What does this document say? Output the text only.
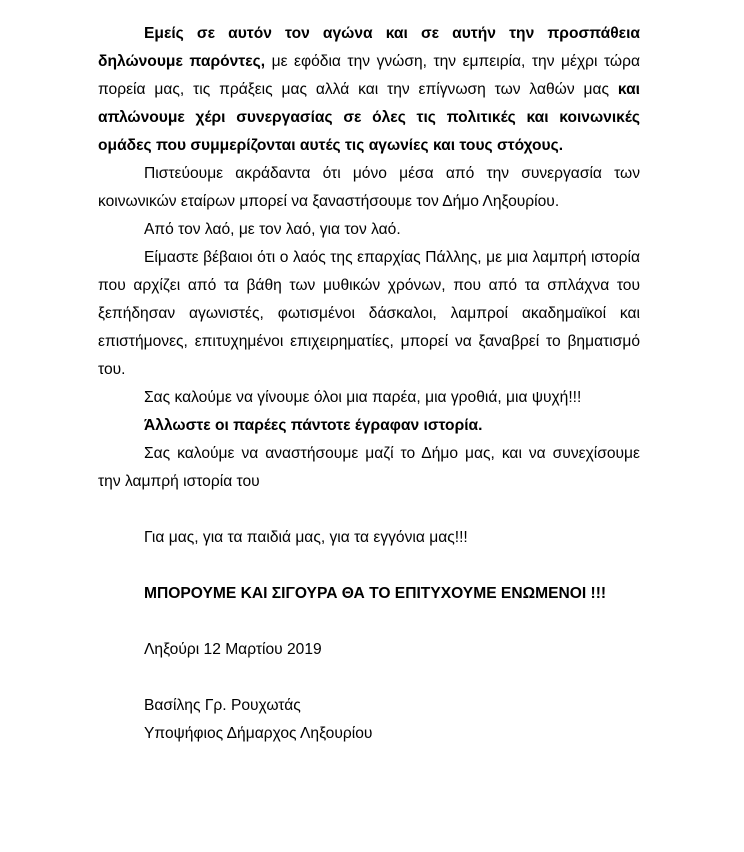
Εμείς σε αυτόν τον αγώνα και σε αυτήν την προσπάθεια δηλώνουμε παρόντες, με εφόδια την γνώση, την εμπειρία, την μέχρι τώρα πορεία μας, τις πράξεις μας αλλά και την επίγνωση των λαθών μας και απλώνουμε χέρι συνεργασίας σε όλες τις πολιτικές και κοινωνικές ομάδες που συμμερίζονται αυτές τις αγωνίες και τους στόχους.

Πιστεύουμε ακράδαντα ότι μόνο μέσα από την συνεργασία των κοινωνικών εταίρων μπορεί να ξαναστήσουμε τον Δήμο Ληξουρίου.

Από τον λαό, με τον λαό, για τον λαό.

Είμαστε βέβαιοι ότι ο λαός της επαρχίας Πάλλης, με μια λαμπρή ιστορία που αρχίζει από τα βάθη των μυθικών χρόνων, που από τα σπλάχνα του ξεπήδησαν αγωνιστές, φωτισμένοι δάσκαλοι, λαμπροί ακαδημαϊκοί και επιστήμονες, επιτυχημένοι επιχειρηματίες, μπορεί να ξαναβρεί το βηματισμό του.

Σας καλούμε να γίνουμε όλοι μια παρέα, μια γροθιά, μια ψυχή!!!

Άλλωστε οι παρέες πάντοτε έγραφαν ιστορία.

Σας καλούμε να αναστήσουμε μαζί το Δήμο μας, και να συνεχίσουμε την λαμπρή ιστορία του

Για μας, για τα παιδιά μας, για τα εγγόνια μας!!!

ΜΠΟΡΟΥΜΕ ΚΑΙ ΣΙΓΟΥΡΑ ΘΑ ΤΟ ΕΠΙΤΥΧΟΥΜΕ ΕΝΩΜΕΝΟΙ !!!

Ληξούρι 12 Μαρτίου 2019

Βασίλης Γρ. Ρουχωτάς

Υποψήφιος Δήμαρχος Ληξουρίου
